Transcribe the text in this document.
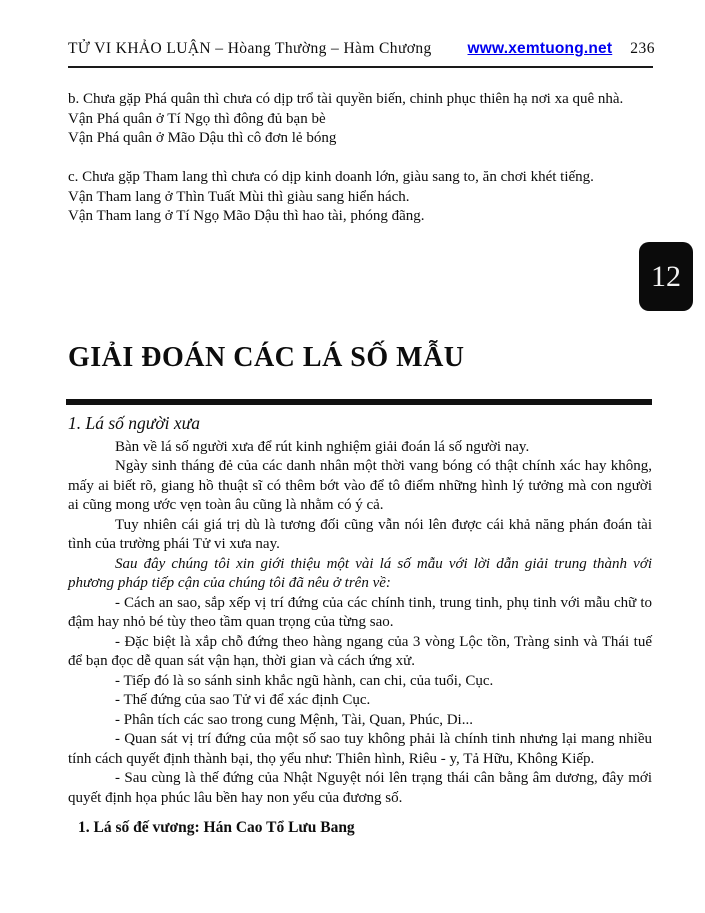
TỬ VI KHẢO LUẬN – Hòang Thường – Hàm Chương	www.xemtuong.net 236
12

b. Chưa gặp Phá quân thì chưa có dịp trổ tài quyền biến, chinh phục thiên hạ nơi xa quê nhà.

Vận Phá quân ở Tí Ngọ thì đông đủ bạn bè

Vận Phá quân ở Mão Dậu thì cô đơn lẻ bóng

c. Chưa gặp Tham lang thì chưa có dịp kinh doanh lớn, giàu sang to, ăn chơi khét tiếng.

Vận Tham lang ở Thìn Tuất Mùi thì giàu sang hiển hách.

Vận Tham lang ở Tí Ngọ Mão Dậu thì hao tài, phóng đãng.

GIẢI ĐOÁN CÁC LÁ SỐ MẪU
1. Lá số người xưa

Bàn về lá số người xưa để rút kinh nghiệm giải đoán lá số người nay.

Ngày sinh tháng đẻ của các danh nhân một thời vang bóng có thật chính xác hay không, mấy ai biết rõ, giang hồ thuật sĩ có thêm bớt vào để tô điểm những hình lý tưởng mà con người ai cũng mong ước vẹn toàn âu cũng là nhằm có ý cả.

Tuy nhiên cái giá trị dù là tương đối cũng vẫn nói lên được cái khả năng phán đoán tài tình của trường phái Tử vi xưa nay.

Sau đây chúng tôi xin giới thiệu một vài lá số mẫu với lời dẫn giải trung thành với phương pháp tiếp cận của chúng tôi đã nêu ở trên về:

- Cách an sao, sắp xếp vị trí đứng của các chính tinh, trung tinh, phụ tinh với mẫu chữ to đậm hay nhỏ bé tùy theo tầm quan trọng của từng sao.

- Đặc biệt là xắp chỗ đứng theo hàng ngang của 3 vòng Lộc tồn, Tràng sinh và Thái tuế để bạn đọc dễ quan sát vận hạn, thời gian và cách ứng xử.

- Tiếp đó là so sánh sinh khắc ngũ hành, can chi, của tuổi, Cục.

- Thế đứng của sao Tử vi để xác định Cục.

- Phân tích các sao trong cung Mệnh, Tài, Quan, Phúc, Di...

- Quan sát vị trí đứng của một số sao tuy không phải là chính tinh nhưng lại mang nhiều tính cách quyết định thành bại, thọ yểu như: Thiên hình, Riêu - y, Tả Hữu, Không Kiếp.

- Sau cùng là thế đứng của Nhật Nguyệt nói lên trạng thái cân bằng âm dương, đây mới quyết định họa phúc lâu bền hay non yểu của đương số.

1. Lá số đế vương: Hán Cao Tổ Lưu Bang
